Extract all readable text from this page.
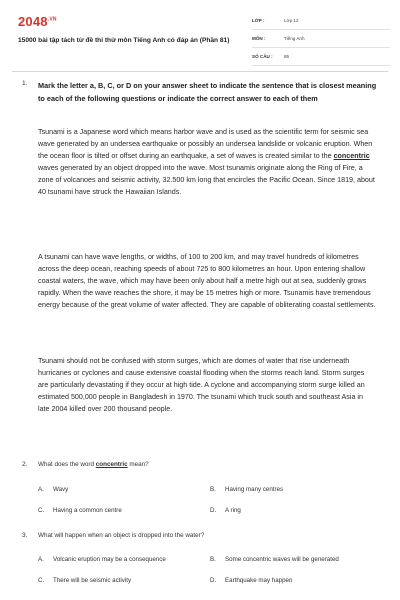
$2048^{.VN}$
15000 bài tập tách từ đề thi thử môn Tiếng Anh có đáp án (Phần 81)
LỚP :	Lớp 12
MÔN :	Tiếng Anh
SỐ CÂU : 85
1. Mark the letter a, B, C, or D on your answer sheet to indicate the sentence that is closest meaning to each of the following questions or indicate the correct answer to each of them
Tsunami is a Japanese word which means harbor wave and is used as the scientific term for seismic sea wave generated by an undersea earthquake or possibly an undersea landslide or volcanic eruption. When the ocean floor is tilted or offset during an earthquake, a set of waves is created similar to the concentric waves generated by an object dropped into the wave. Most tsunamis originate along the Ring of Fire, a zone of volcanoes and seismic activity, 32.500 km long that encircles the Pacific Ocean. Since 1819, about 40 tsunami have struck the Hawaiian Islands.
A tsunami can have wave lengths, or widths, of 100 to 200 km, and may travel hundreds of kilometres across the deep ocean, reaching speeds of about 725 to 800 kilometres an hour. Upon entering shallow coastal waters, the wave, which may have been only about half a metre high out at sea, suddenly grows rapidly. When the wave reaches the shore, it may be 15 metres high or more. Tsunamis have tremendous energy because of the great volume of water affected. They are capable of obliterating coastal settlements.
Tsunami should not be confused with storm surges, which are domes of water that rise underneath hurricanes or cyclones and cause extensive coastal flooding when the storms reach land. Storm surges are particularly devastating if they occur at high tide. A cyclone and accompanying storm surge killed an estimated 500,000 people in Bangladesh in 1970. The tsunami which truck south and southeast Asia in late 2004 killed over 200 thousand people.
2. What does the word concentric mean?
A. Wavy	B. Having many centres
C. Having a common centre	D. A ring
3. What will happen when an object is dropped into the water?
A. Volcanic eruption may be a consequence	B. Some concentric waves will be generated
C. There will be seismic activity	D. Earthquake may happen
